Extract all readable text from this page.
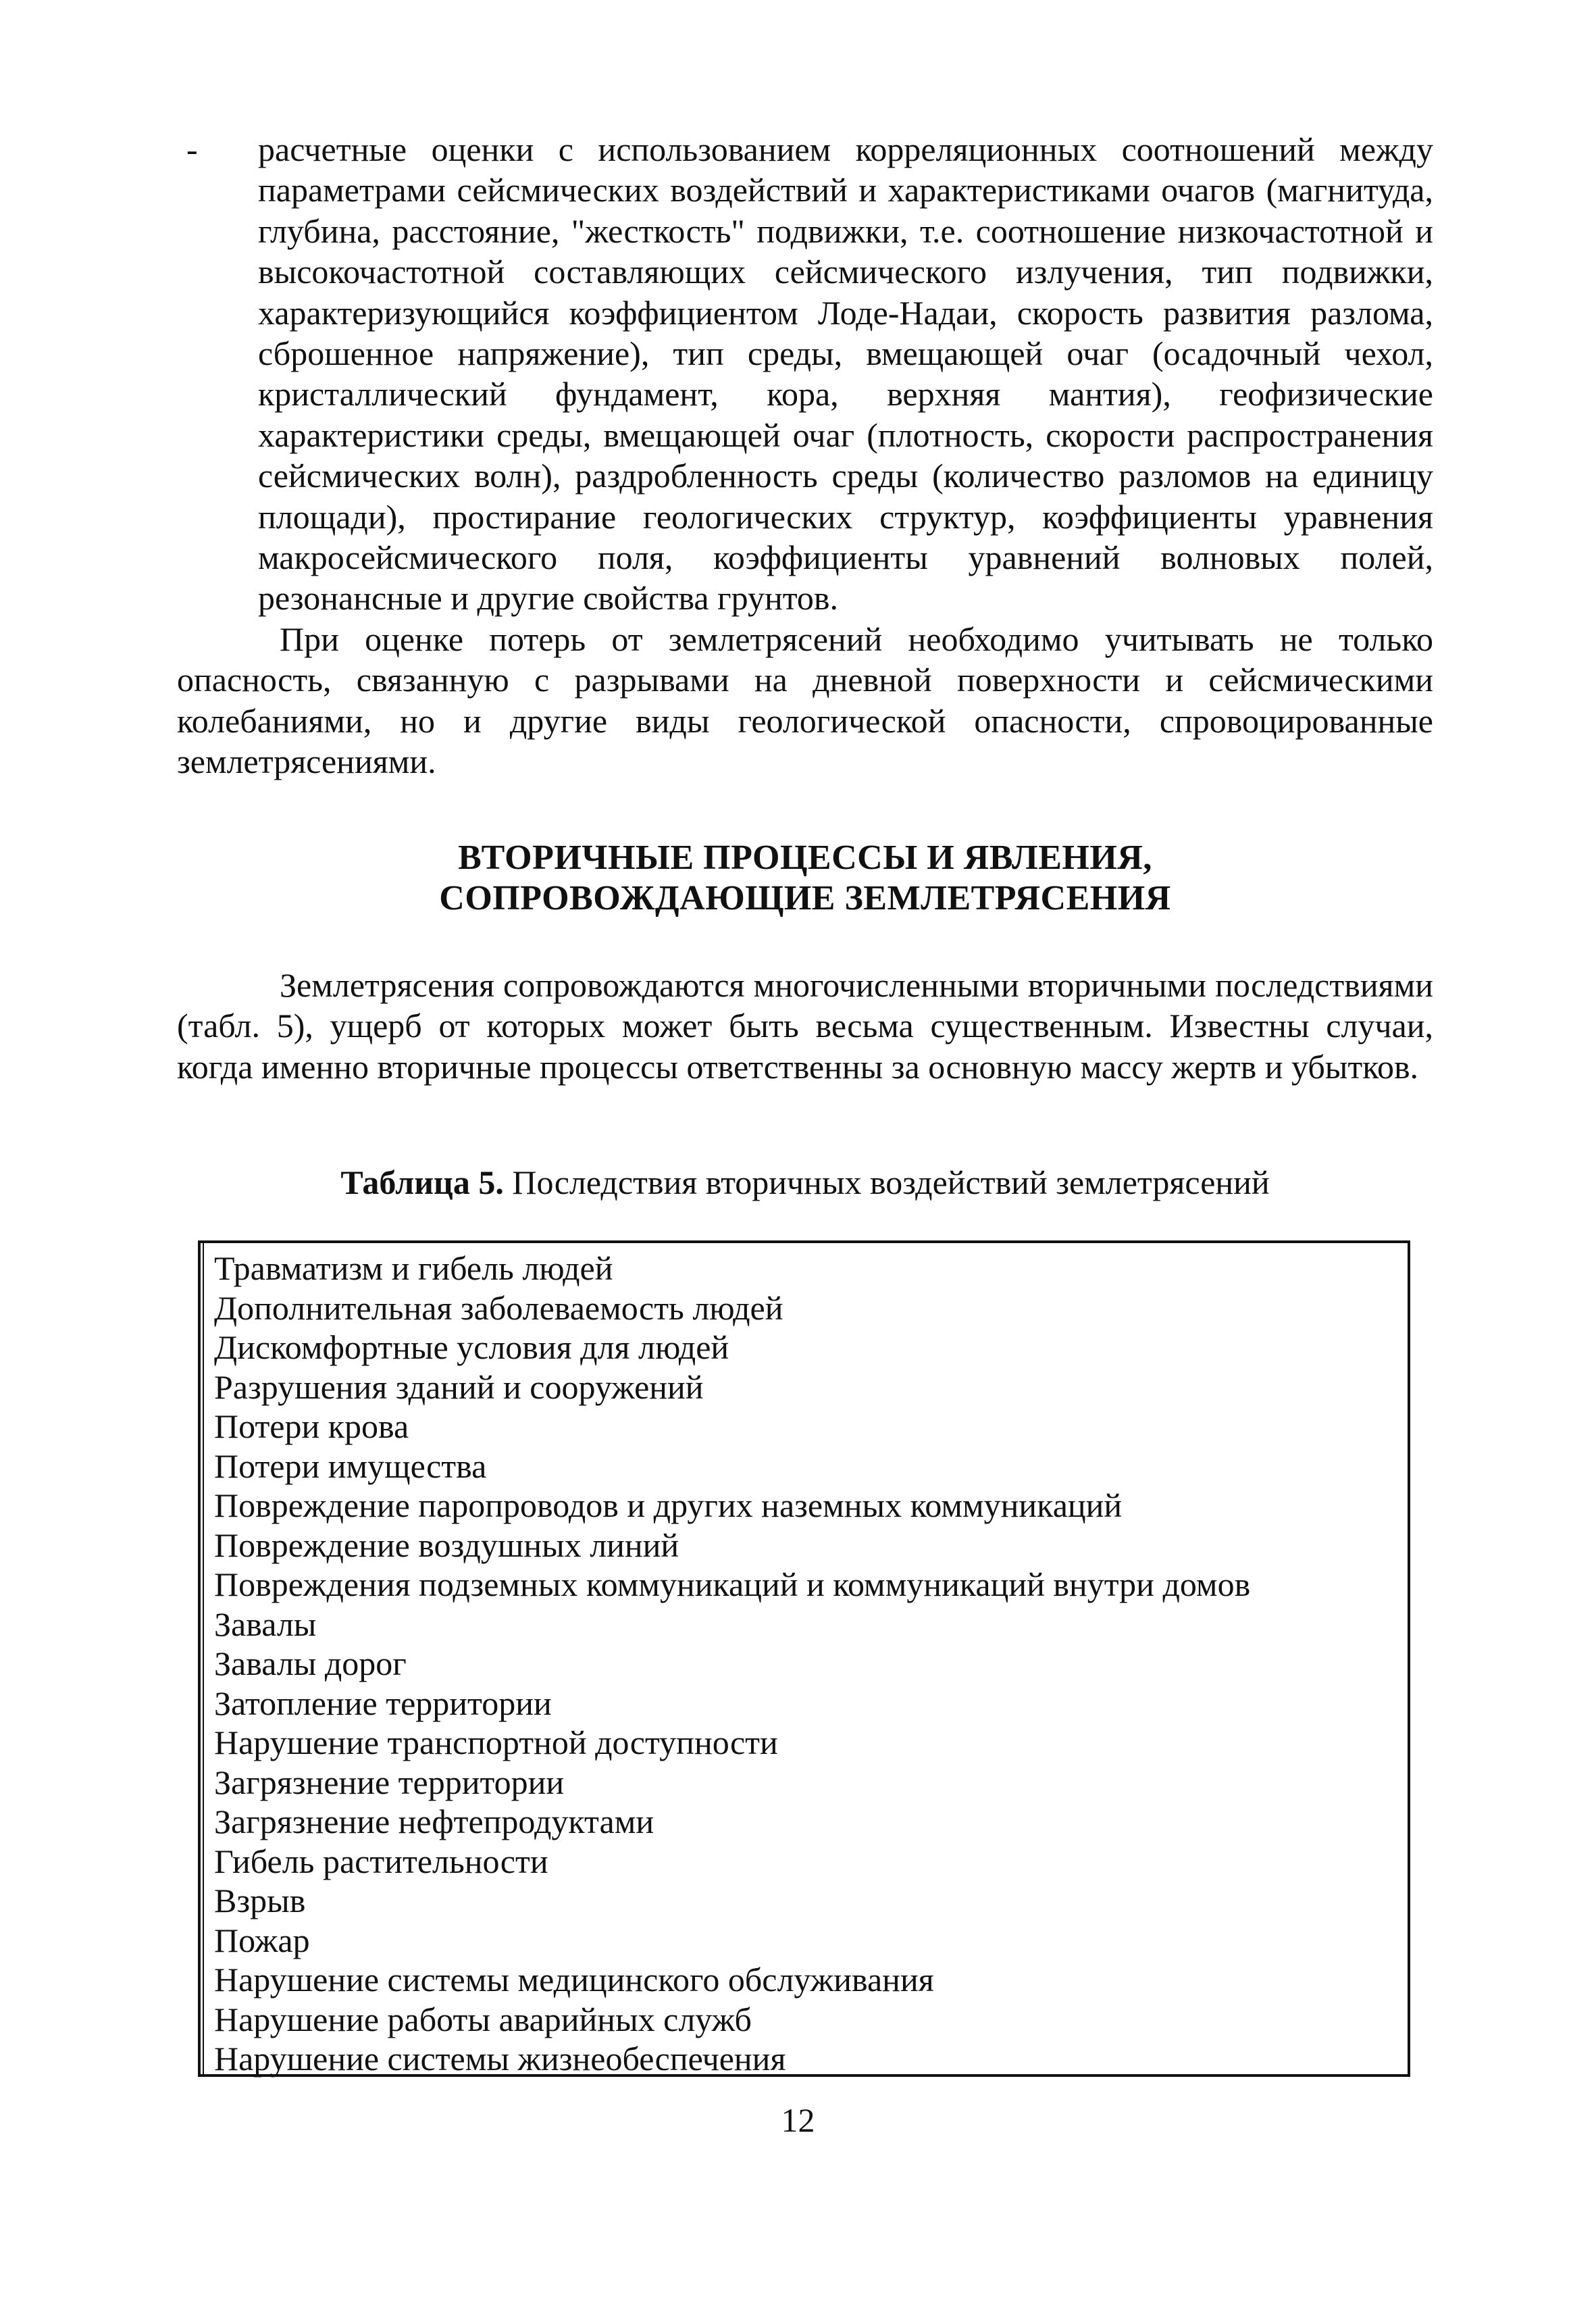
- расчетные оценки с использованием корреляционных соотношений между параметрами сейсмических воздействий и характеристиками очагов (магнитуда, глубина, расстояние, "жесткость" подвижки, т.е. соотношение низкочастотной и высокочастотной составляющих сейсмического излучения, тип подвижки, характеризующийся коэффициентом Лоде-Надаи, скорость развития разлома, сброшенное напряжение), тип среды, вмещающей очаг (осадочный чехол, кристаллический фундамент, кора, верхняя мантия), геофизические характеристики среды, вмещающей очаг (плотность, скорости распространения сейсмических волн), раздробленность среды (количество разломов на единицу площади), простирание геологических структур, коэффициенты уравнения макросейсмического поля, коэффициенты уравнений волновых полей, резонансные и другие свойства грунтов.

При оценке потерь от землетрясений необходимо учитывать не только опасность, связанную с разрывами на дневной поверхности и сейсмическими колебаниями, но и другие виды геологической опасности, спровоцированные землетрясениями.

ВТОРИЧНЫЕ ПРОЦЕССЫ И ЯВЛЕНИЯ,
СОПРОВОЖДАЮЩИЕ ЗЕМЛЕТРЯСЕНИЯ

Землетрясения сопровождаются многочисленными вторичными последствиями (табл. 5), ущерб от которых может быть весьма существенным. Известны случаи, когда именно вторичные процессы ответственны за основную массу жертв и убытков.

Таблица 5. Последствия вторичных воздействий землетрясений
Травматизм и гибель людей
Дополнительная заболеваемость людей
Дискомфортные условия для людей
Разрушения зданий и сооружений
Потери крова
Потери имущества
Повреждение паропроводов и других наземных коммуникаций
Повреждение воздушных линий
Повреждения подземных коммуникаций и коммуникаций внутри домов
Завалы
Завалы дорог
Затопление территории
Нарушение транспортной доступности
Загрязнение территории
Загрязнение нефтепродуктами
Гибель растительности
Взрыв
Пожар
Нарушение системы медицинского обслуживания
Нарушение работы аварийных служб
Нарушение системы жизнеобеспечения
12
